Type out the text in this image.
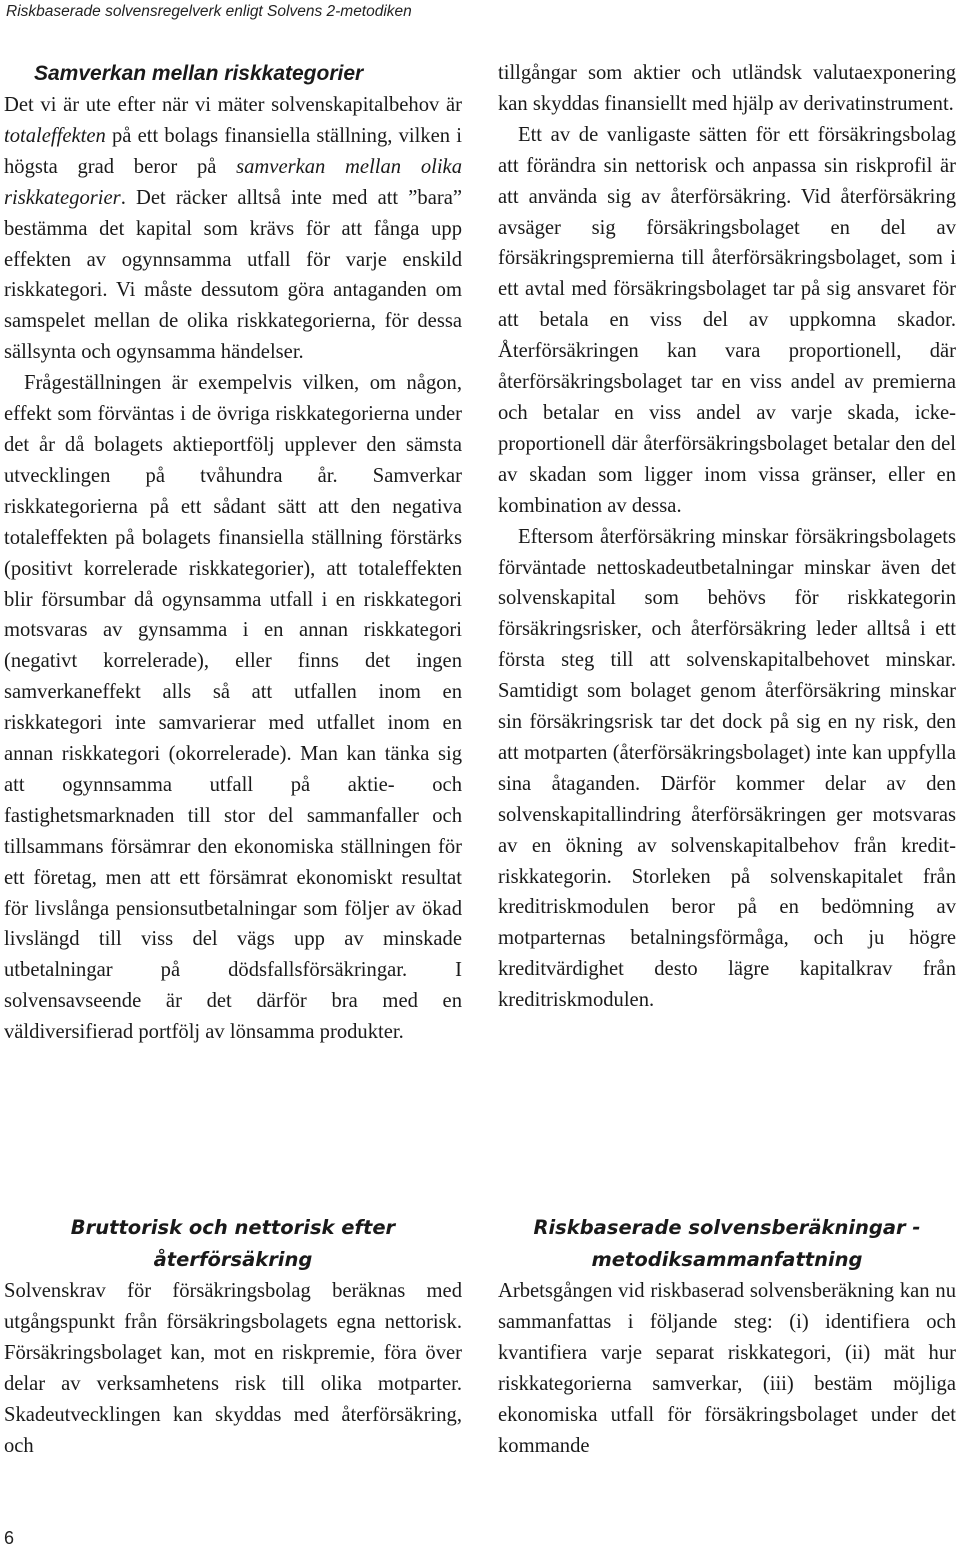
Riskbaserade solvensregelverk enligt Solvens 2-metodiken
Samverkan mellan riskkategorier

Det vi är ute efter när vi mäter solvenskapitalbehov är totaleffekten på ett bolags finansiella ställning, vilken i högsta grad beror på samverkan mellan olika riskkategorier. Det räcker alltså inte med att ”bara” bestämma det kapital som krävs för att fånga upp effekten av ogynnsamma utfall för varje enskild riskkategori. Vi måste dessutom göra antaganden om samspelet mellan de olika riskkategorierna, för dessa sällsynta och ogynsamma händelser.

Frågeställningen är exempelvis vilken, om någon, effekt som förväntas i de övriga riskkategorierna under det år då bolagets aktieportfölj upplever den sämsta utvecklingen på tvåhundra år. Samverkar riskkategorierna på ett sådant sätt att den negativa totaleffekten på bolagets finansiella ställning förstärks (positivt korrelerade riskkategorier), att totaleffekten blir försumbar då ogynsamma utfall i en riskkategori motsvaras av gynsamma i en annan riskkategori (negativt korrelerade), eller finns det ingen samverkaneffekt alls så att utfallen inom en riskkategori inte samvarierar med utfallet inom en annan riskkategori (okorrelerade). Man kan tänka sig att ogynnsamma utfall på aktie- och fastighetsmarknaden till stor del sammanfaller och tillsammans försämrar den ekonomiska ställningen för ett företag, men att ett försämrat ekonomiskt resultat för livslånga pensionsutbetalningar som följer av ökad livslängd till viss del vägs upp av minskade utbetalningar på dödsfallsförsäkringar. I solvensavseende är det därför bra med en väldiversifierad portfölj av lönsamma produkter.

tillgångar som aktier och utländsk valutaexponering kan skyddas finansiellt med hjälp av derivatinstrument.

Ett av de vanligaste sätten för ett försäkringsbolag att förändra sin nettorisk och anpassa sin riskprofil är att använda sig av återförsäkring. Vid återförsäkring avsäger sig försäkringsbolaget en del av försäkringspremierna till återförsäkringsbolaget, som i ett avtal med försäkringsbolaget tar på sig ansvaret för att betala en viss del av uppkomna skador. Återförsäkringen kan vara proportionell, där återförsäkringsbolaget tar en viss andel av premierna och betalar en viss andel av varje skada, icke-proportionell där återförsäkringsbolaget betalar den del av skadan som ligger inom vissa gränser, eller en kombination av dessa.

Eftersom återförsäkring minskar försäkringsbolagets förväntade nettoskadeutbetalningar minskar även det solvenskapital som behövs för riskkategorin försäkringsrisker, och återförsäkring leder alltså i ett första steg till att solvenskapitalbehovet minskar. Samtidigt som bolaget genom återförsäkring minskar sin försäkringsrisk tar det dock på sig en ny risk, den att motparten (återförsäkringsbolaget) inte kan uppfylla sina åtaganden. Därför kommer delar av den solvenskapitallindring återförsäkringen ger motsvaras av en ökning av solvenskapitalbehov från kreditriskkategorin. Storleken på solvenskapitalet från kreditriskmodulen beror på en bedömning av motparternas betalningsförmåga, och ju högre kreditvärdighet desto lägre kapitalkrav från kreditriskmodulen.

Bruttorisk och nettorisk efter
återförsäkring

Solvenskrav för försäkringsbolag beräknas med utgångspunkt från försäkringsbolagets egna nettorisk. Försäkringsbolaget kan, mot en riskpremie, föra över delar av verksamhetens risk till olika motparter. Skadeutvecklingen kan skyddas med återförsäkring, och

Riskbaserade solvensberäkningar -
metodiksammanfattning

Arbetsgången vid riskbaserad solvensberäkning kan nu sammanfattas i följande steg: (i) identifiera och kvantifiera varje separat riskkategori, (ii) mät hur riskkategorierna samverkar, (iii) bestäm möjliga ekonomiska utfall för försäkringsbolaget under det kommande

6
